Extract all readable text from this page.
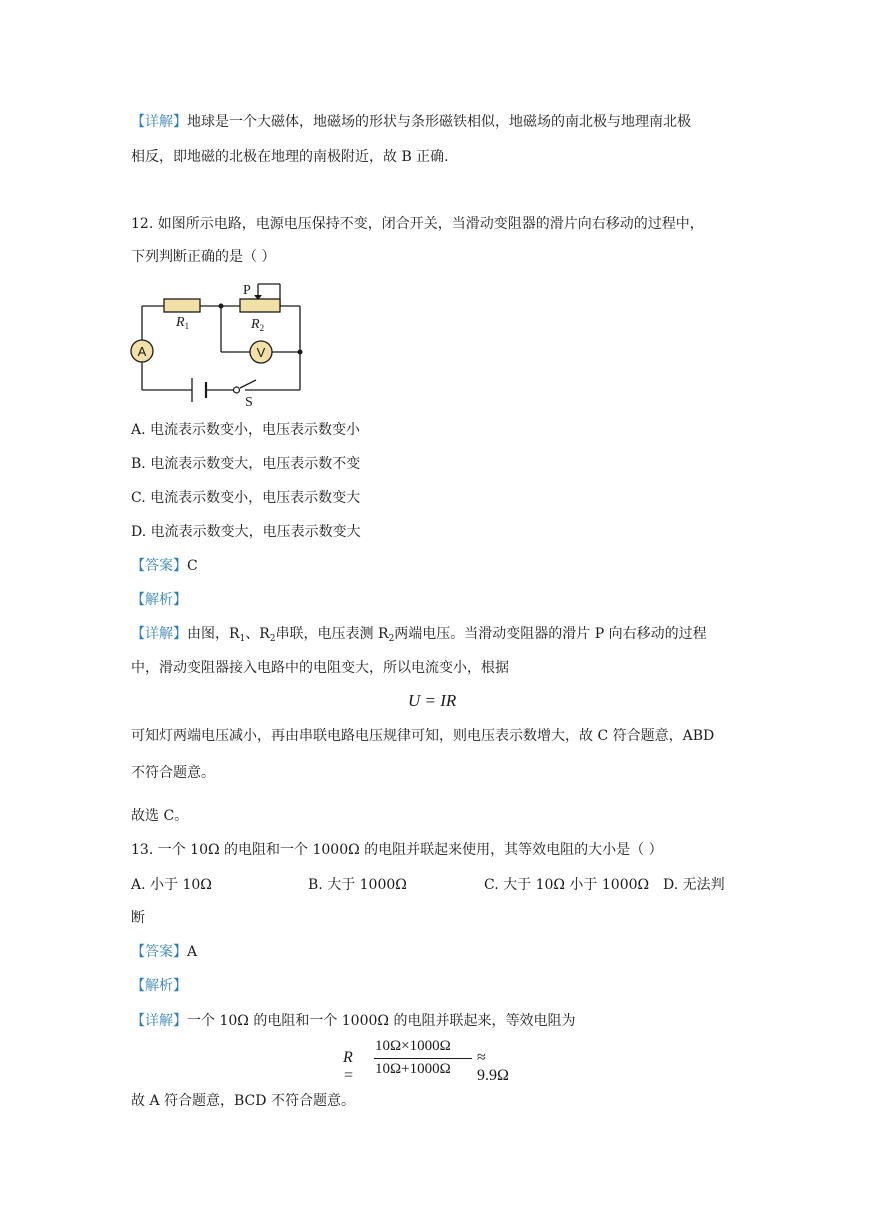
【详解】地球是一个大磁体，地磁场的形状与条形磁铁相似，地磁场的南北极与地理南北极
相反，即地磁的北极在地理的南极附近，故 B 正确.
12. 如图所示电路，电源电压保持不变，闭合开关，当滑动变阻器的滑片向右移动的过程中，
下列判断正确的是（ ）
A	V
P
S
$R_1$	$R_2$
A. 电流表示数变小，电压表示数变小
B. 电流表示数变大，电压表示数不变
C. 电流表示数变小，电压表示数变大
D. 电流表示数变大，电压表示数变大
【答案】C
【解析】
【详解】由图，$R_1$、$R_2$串联，电压表测 $R_2$两端电压。当滑动变阻器的滑片 P 向右移动的过程
中，滑动变阻器接入电路中的电阻变大，所以电流变小，根据
U = IR
可知灯两端电压减小，再由串联电路电压规律可知，则电压表示数增大，故 C 符合题意，ABD
不符合题意。
故选 C。
13. 一个 10Ω 的电阻和一个 1000Ω 的电阻并联起来使用，其等效电阻的大小是（ ）
A. 小于 10Ω	B. 大于 1000Ω	C. 大于 10Ω 小于 1000Ω D. 无法判
断
【答案】A
【解析】
【详解】一个 10Ω 的电阻和一个 1000Ω 的电阻并联起来，等效电阻为
R =
10Ω×1000Ω
10Ω+1000Ω
≈ 9.9Ω
故 A 符合题意，BCD 不符合题意。
